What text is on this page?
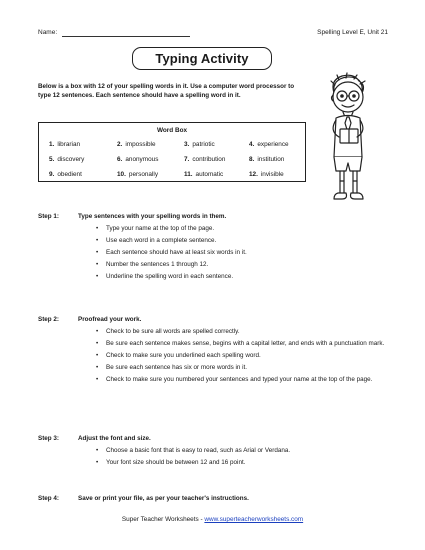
Name:	Spelling Level E, Unit 21
Typing Activity

Below is a box with 12 of your spelling words in it. Use a computer word processor to type 12 sentences. Each sentence should have a spelling word in it.

Word Box
1. librarian	2. impossible	3. patriotic	4. experience
5. discovery	6. anonymous	7. contribution	8. institution
9. obedient	10. personally	11. automatic	12. invisible
Step 1:	Type sentences with your spelling words in them.
• Type your name at the top of the page.
• Use each word in a complete sentence.
• Each sentence should have at least six words in it.
• Number the sentences 1 through 12.
• Underline the spelling word in each sentence.
Step 2:	Proofread your work.
• Check to be sure all words are spelled correctly.
• Be sure each sentence makes sense, begins with a capital letter, and ends with a punctuation mark.
• Check to make sure you underlined each spelling word.
• Be sure each sentence has six or more words in it.
• Check to make sure you numbered your sentences and typed your name at the top of the page.
Step 3:	Adjust the font and size.
• Choose a basic font that is easy to read, such as Arial or Verdana.
• Your font size should be between 12 and 16 point.
Step 4:	Save or print your file, as per your teacher's instructions.
Super Teacher Worksheets - www.superteacherworksheets.com
